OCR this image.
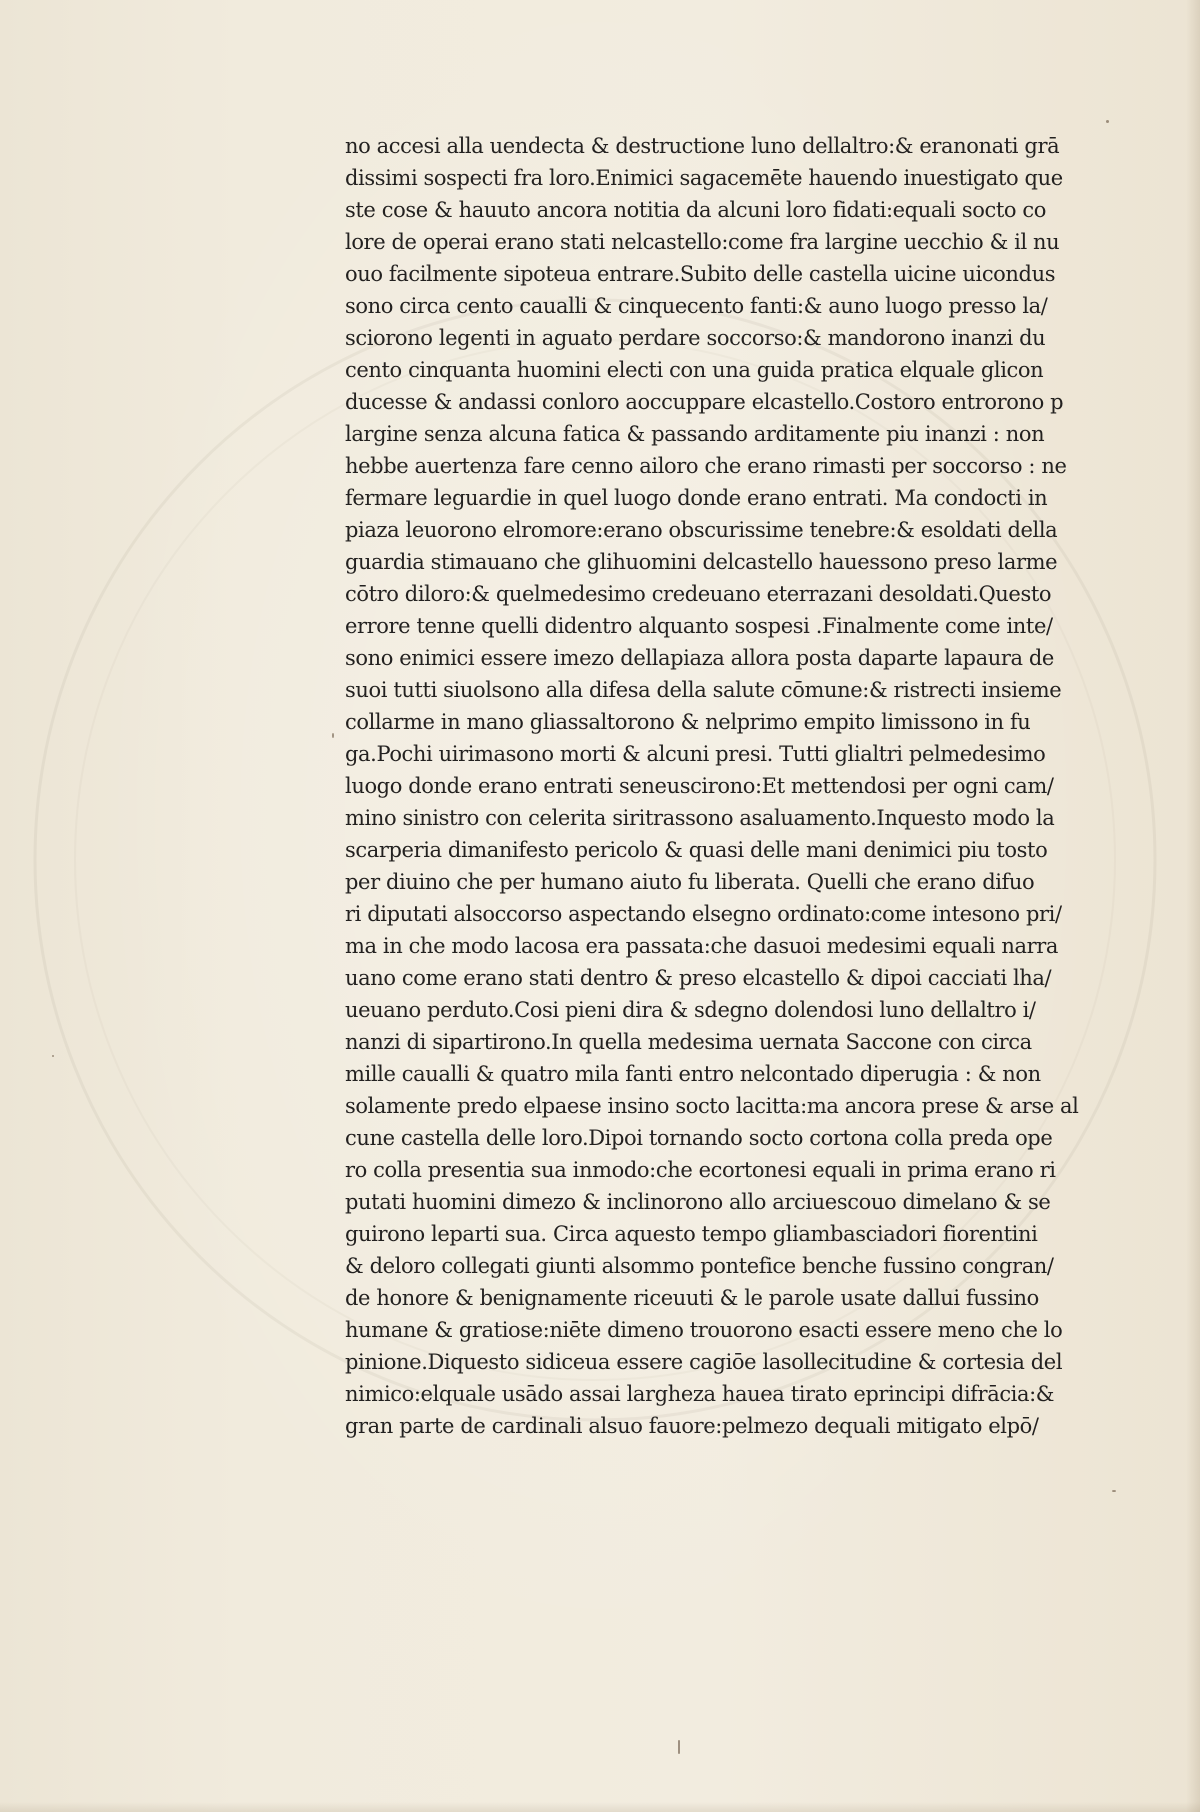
no accesi alla uendecta & destructione luno dellaltro:& eranonati grā
dissimi sospecti fra loro.Enimici sagacemēte hauendo inuestigato que
ste cose & hauuto ancora notitia da alcuni loro fidati:equali socto co
lore de operai erano stati nelcastello:come fra largine uecchio & il nu
ouo facilmente sipoteua entrare.Subito delle castella uicine uicondus
sono circa cento caualli & cinquecento fanti:& auno luogo presso la/
sciorono legenti in aguato perdare soccorso:& mandorono inanzi du
cento cinquanta huomini electi con una guida pratica elquale glicon
ducesse & andassi conloro aoccuppare elcastello.Costoro entrorono p
largine senza alcuna fatica & passando arditamente piu inanzi : non
hebbe auertenza fare cenno ailoro che erano rimasti per soccorso : ne
fermare leguardie in quel luogo donde erano entrati. Ma condocti in
piaza leuorono elromore:erano obscurissime tenebre:& esoldati della
guardia stimauano che glihuomini delcastello hauessono preso larme
cōtro diloro:& quelmedesimo credeuano eterrazani desoldati.Questo
errore tenne quelli didentro alquanto sospesi .Finalmente come inte/
sono enimici essere imezo dellapiaza allora posta daparte lapaura de
suoi tutti siuolsono alla difesa della salute cōmune:& ristrecti insieme
collarme in mano gliassaltorono & nelprimo empito limissono in fu
ga.Pochi uirimasono morti & alcuni presi. Tutti glialtri pelmedesimo
luogo donde erano entrati seneuscirono:Et mettendosi per ogni cam/
mino sinistro con celerita siritrassono asaluamento.Inquesto modo la
scarperia dimanifesto pericolo & quasi delle mani denimici piu tosto
per diuino che per humano aiuto fu liberata. Quelli che erano difuo
ri diputati alsoccorso aspectando elsegno ordinato:come intesono pri/
ma in che modo lacosa era passata:che dasuoi medesimi equali narra
uano come erano stati dentro & preso elcastello & dipoi cacciati lha/
ueuano perduto.Cosi pieni dira & sdegno dolendosi luno dellaltro i/
nanzi di sipartirono.In quella medesima uernata Saccone con circa
mille caualli & quatro mila fanti entro nelcontado diperugia : & non
solamente predo elpaese insino socto lacitta:ma ancora prese & arse al
cune castella delle loro.Dipoi tornando socto cortona colla preda ope
ro colla presentia sua inmodo:che ecortonesi equali in prima erano ri
putati huomini dimezo & inclinorono allo arciuescouo dimelano & se
guirono leparti sua. Circa aquesto tempo gliambasciadori fiorentini
& deloro collegati giunti alsommo pontefice benche fussino congran/
de honore & benignamente riceuuti & le parole usate dallui fussino
humane & gratiose:niēte dimeno trouorono esacti essere meno che lo
pinione.Diquesto sidiceua essere cagiōe lasollecitudine & cortesia del
nimico:elquale usādo assai largheza hauea tirato eprincipi difrācia:&
gran parte de cardinali alsuo fauore:pelmezo dequali mitigato elpō/
